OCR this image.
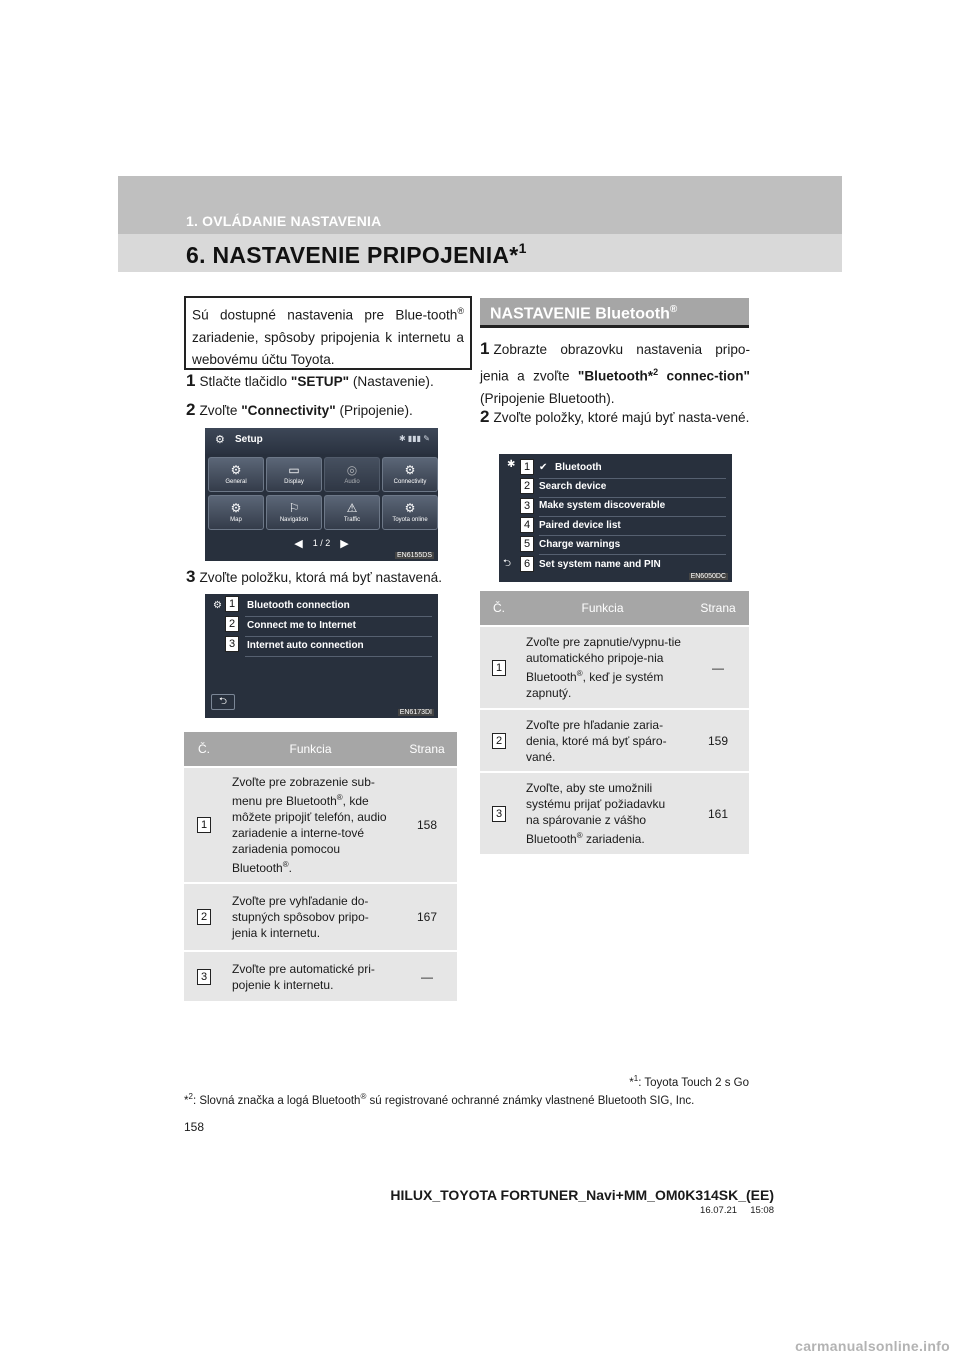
1. OVLÁDANIE NASTAVENIA
6. NASTAVENIE PRIPOJENIA*$^1$
Sú dostupné nastavenia pre Blue-tooth® zariadenie, spôsoby pripojenia k internetu a webovému účtu Toyota.
1 Stlačte tlačidlo "SETUP" (Nastavenie).
2 Zvoľte "Connectivity" (Pripojenie).
⚙ Setup	✱ ▮▮▮ ✎
⚙
General
▭
Display
◎
Audio
⚙
Connectivity
⚙
Map
⚐
Navigation
⚠
Traffic
⚙
Toyota online
◀ 1 / 2 ▶
EN6155DS
3 Zvoľte položku, ktorá má byť nastavená.
⚙ 1	Bluetooth connection
2	Connect me to Internet
3	Internet auto connection
⮌
EN6173DI
Č.	Funkcia	Strana
1	Zvoľte pre zobrazenie sub-menu pre Bluetooth®, kde môžete pripojiť telefón, audio zariadenie a interne-tové zariadenia pomocou Bluetooth®.	158
2	Zvoľte pre vyhľadanie do-stupných spôsobov pripo-jenia k internetu.	167
3	Zvoľte pre automatické pri-pojenie k internetu.	—
NASTAVENIE Bluetooth®
1 Zobrazte obrazovku nastavenia pripo-jenia a zvoľte "Bluetooth*$^2$ connec-tion" (Pripojenie Bluetooth).
2 Zvoľte položky, ktoré majú byť nasta-vené.
✱ 1 ✔ Bluetooth
2 Search device
3 Make system discoverable
4 Paired device list
5 Charge warnings
⮌	6 Set system name and PIN
EN6050DC
Č.	Funkcia	Strana
1	Zvoľte pre zapnutie/vypnu-tie automatického pripoje-nia Bluetooth®, keď je systém zapnutý.	—
2	Zvoľte pre hľadanie zaria-denia, ktoré má byť spáro-vané.	159
3	Zvoľte, aby ste umožnili systému prijať požiadavku na spárovanie z vášho Bluetooth® zariadenia.	161
*$^1$: Toyota Touch 2 s Go
*$^2$: Slovná značka a logá Bluetooth® sú registrované ochranné známky vlastnené Bluetooth SIG, Inc.
158
HILUX_TOYOTA FORTUNER_Navi+MM_OM0K314SK_(EE)
16.07.21     15:08
carmanualsonline.info
